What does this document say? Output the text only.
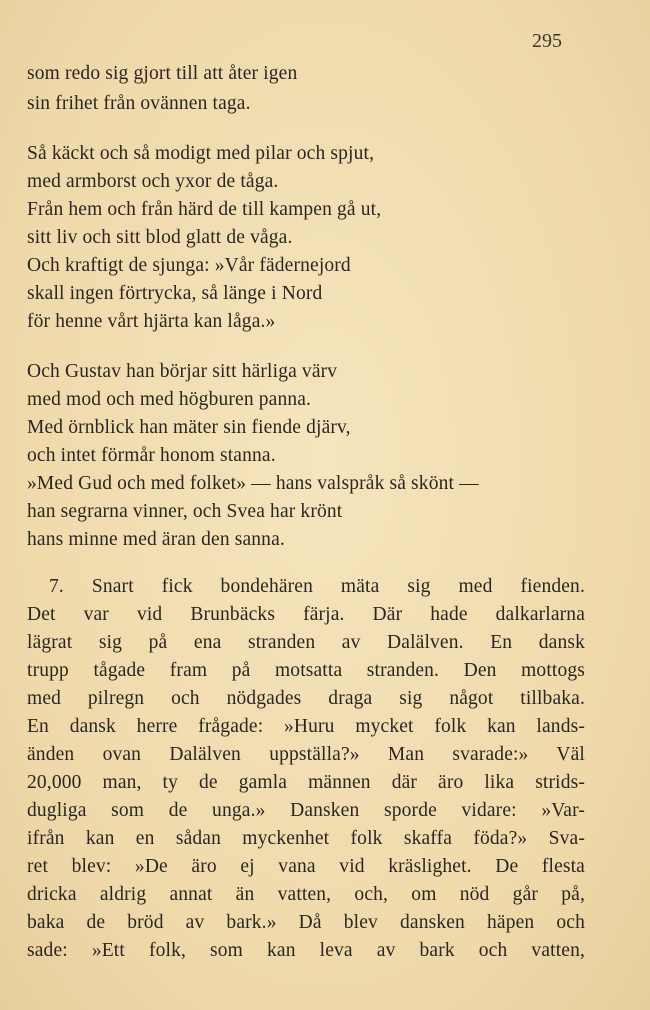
295

som redo sig gjort till att åter igen

sin frihet från ovännen taga.

Så käckt och så modigt med pilar och spjut,

med armborst och yxor de tåga.

Från hem och från härd de till kampen gå ut,

sitt liv och sitt blod glatt de våga.

Och kraftigt de sjunga: »Vår fädernejord

skall ingen förtrycka, så länge i Nord

för henne vårt hjärta kan låga.»

Och Gustav han börjar sitt härliga värv

med mod och med högburen panna.

Med örnblick han mäter sin fiende djärv,

och intet förmår honom stanna.

»Med Gud och med folket» — hans valspråk så skönt —

han segrarna vinner, och Svea har krönt

hans minne med äran den sanna.

7. Snart fick bondehären mäta sig med fienden.

Det var vid Brunbäcks färja. Där hade dalkarlarna

lägrat sig på ena stranden av Dalälven. En dansk

trupp tågade fram på motsatta stranden. Den mottogs

med pilregn och nödgades draga sig något tillbaka.

En dansk herre frågade: »Huru mycket folk kan lands-

änden ovan Dalälven uppställa?» Man svarade:» Väl

20,000 man, ty de gamla männen där äro lika strids-

dugliga som de unga.» Dansken sporde vidare: »Var-

ifrån kan en sådan myckenhet folk skaffa föda?» Sva-

ret blev: »De äro ej vana vid kräslighet. De flesta

dricka aldrig annat än vatten, och, om nöd går på,

baka de bröd av bark.» Då blev dansken häpen och

sade: »Ett folk, som kan leva av bark och vatten,
